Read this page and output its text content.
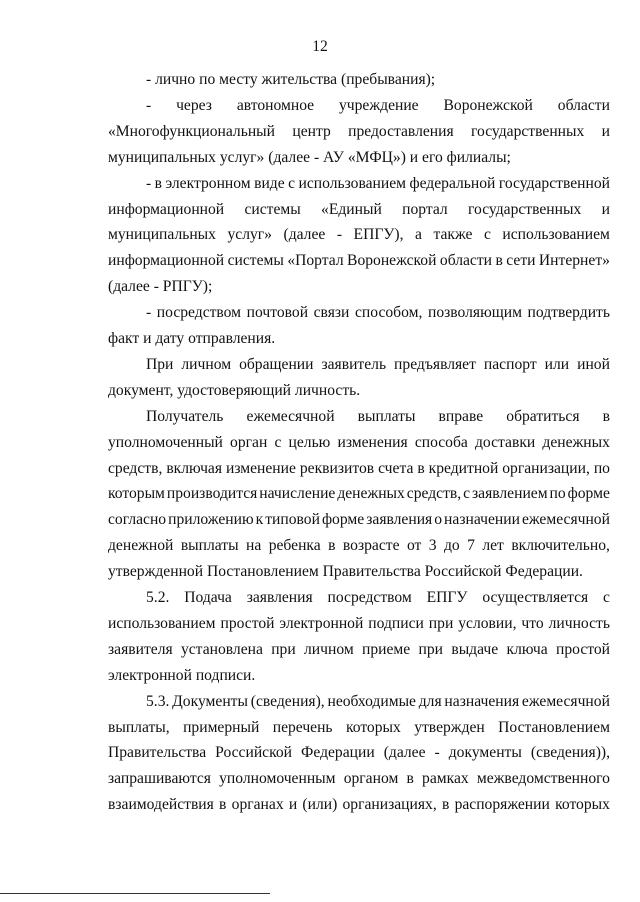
12
- лично по месту жительства (пребывания);
- через автономное учреждение Воронежской области
«Многофункциональный центр предоставления государственных и
муниципальных услуг» (далее - АУ «МФЦ») и его филиалы;
- в электронном виде с использованием федеральной государственной
информационной системы «Единый портал государственных и
муниципальных услуг» (далее - ЕПГУ), а также с использованием
информационной системы «Портал Воронежской области в сети Интернет»
(далее - РПГУ);
- посредством почтовой связи способом, позволяющим подтвердить
факт и дату отправления.
При личном обращении заявитель предъявляет паспорт или иной
документ, удостоверяющий личность.
Получатель ежемесячной выплаты вправе обратиться в
уполномоченный орган с целью изменения способа доставки денежных
средств, включая изменение реквизитов счета в кредитной организации, по
которым производится начисление денежных средств, с заявлением по форме
согласно приложению к типовой форме заявления о назначении ежемесячной
денежной выплаты на ребенка в возрасте от 3 до 7 лет включительно,
утвержденной Постановлением Правительства Российской Федерации.
5.2. Подача заявления посредством ЕПГУ осуществляется с
использованием простой электронной подписи при условии, что личность
заявителя установлена при личном приеме при выдаче ключа простой
электронной подписи.
5.3. Документы (сведения), необходимые для назначения ежемесячной
выплаты, примерный перечень которых утвержден Постановлением
Правительства Российской Федерации (далее - документы (сведения)),
запрашиваются уполномоченным органом в рамках межведомственного
взаимодействия в органах и (или) организациях, в распоряжении которых
